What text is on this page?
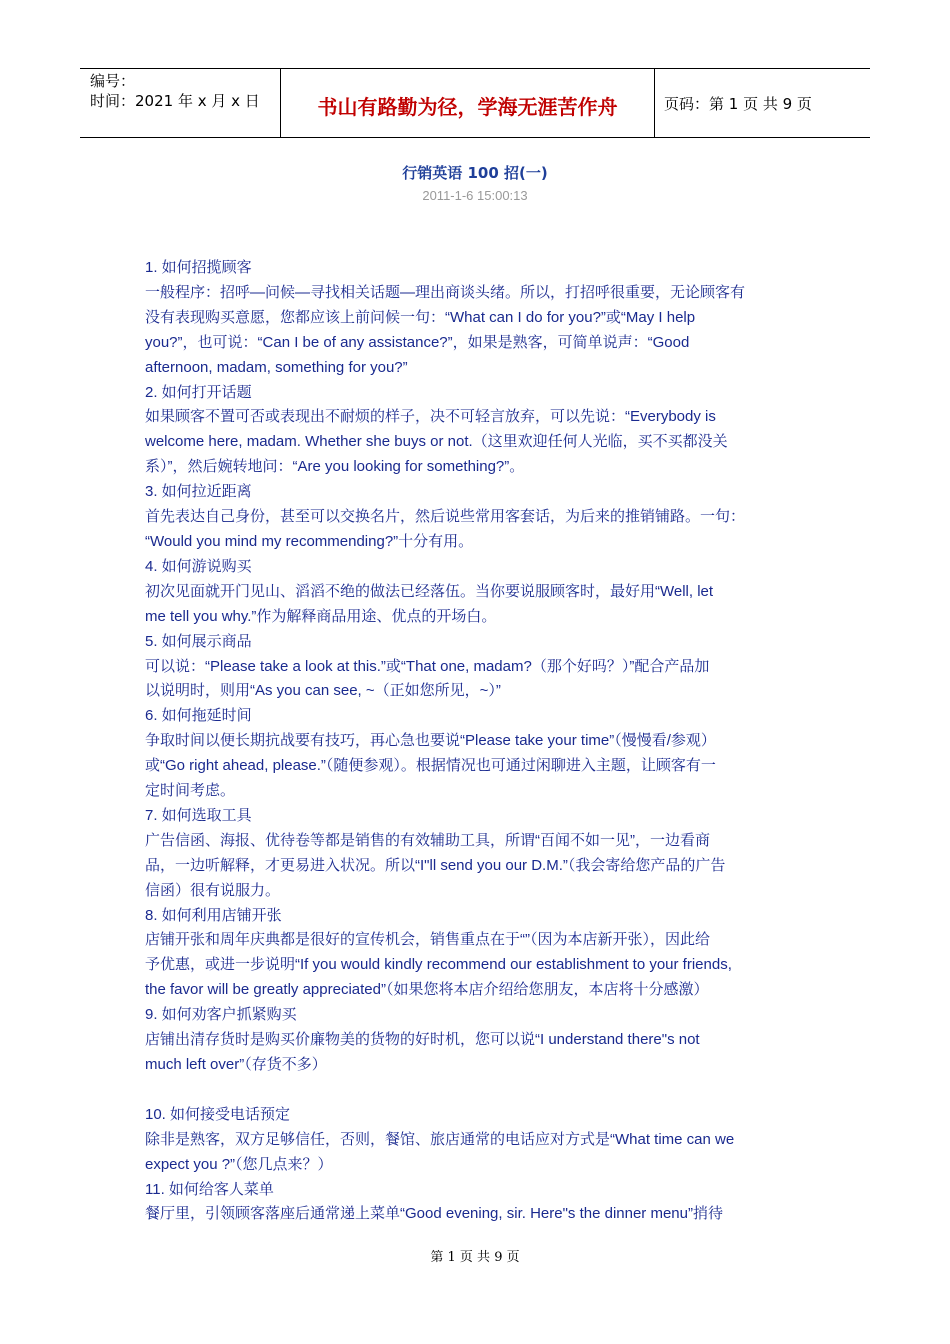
编号：
时间：2021 年 x 月 x 日	书山有路勤为径，学海无涯苦作舟	页码：第 1 页 共 9 页
行销英语 100 招(一)
2011-1-6 15:00:13

1. 如何招揽顾客

一般程序：招呼—问候—寻找相关话题—理出商谈头绪。所以，打招呼很重要，无论顾客有

没有表现购买意愿，您都应该上前问候一句：“What can I do for you?”或“May I help

you?”，也可说：“Can I be of any assistance?”，如果是熟客，可简单说声：“Good

afternoon, madam, something for you?”

2. 如何打开话题

如果顾客不置可否或表现出不耐烦的样子，决不可轻言放弃，可以先说：“Everybody is

welcome here, madam. Whether she buys or not.（这里欢迎任何人光临，买不买都没关

系）”，然后婉转地问：“Are you looking for something?”。

3. 如何拉近距离

首先表达自己身份，甚至可以交换名片，然后说些常用客套话，为后来的推销铺路。一句：

“Would you mind my recommending?”十分有用。

4. 如何游说购买

初次见面就开门见山、滔滔不绝的做法已经落伍。当你要说服顾客时，最好用“Well, let

me tell you why.”作为解释商品用途、优点的开场白。

5. 如何展示商品

可以说：“Please take a look at this.”或“That one, madam?（那个好吗？）”配合产品加

以说明时，则用“As you can see, ~（正如您所见，~）”

6. 如何拖延时间

争取时间以便长期抗战要有技巧，再心急也要说“Please take your time”（慢慢看/参观）

或“Go right ahead, please.”（随便参观）。根据情况也可通过闲聊进入主题，让顾客有一

定时间考虑。

7. 如何选取工具

广告信函、海报、优待卷等都是销售的有效辅助工具，所谓“百闻不如一见”，一边看商

品，一边听解释，才更易进入状况。所以“I"ll send you our D.M.”（我会寄给您产品的广告

信函）很有说服力。

8. 如何利用店铺开张

店铺开张和周年庆典都是很好的宣传机会，销售重点在于“”（因为本店新开张），因此给

予优惠，或进一步说明“If you would kindly recommend our establishment to your friends,

the favor will be greatly appreciated”（如果您将本店介绍给您朋友，本店将十分感激）

9. 如何劝客户抓紧购买

店铺出清存货时是购买价廉物美的货物的好时机，您可以说“I understand there"s not

much left over”（存货不多）

10. 如何接受电话预定

除非是熟客，双方足够信任，否则，餐馆、旅店通常的电话应对方式是“What time can we

expect you ?”（您几点来？）

11. 如何给客人菜单

餐厅里，引领顾客落座后通常递上菜单“Good evening, sir. Here"s the dinner menu”捎待

第 1 页 共 9 页
